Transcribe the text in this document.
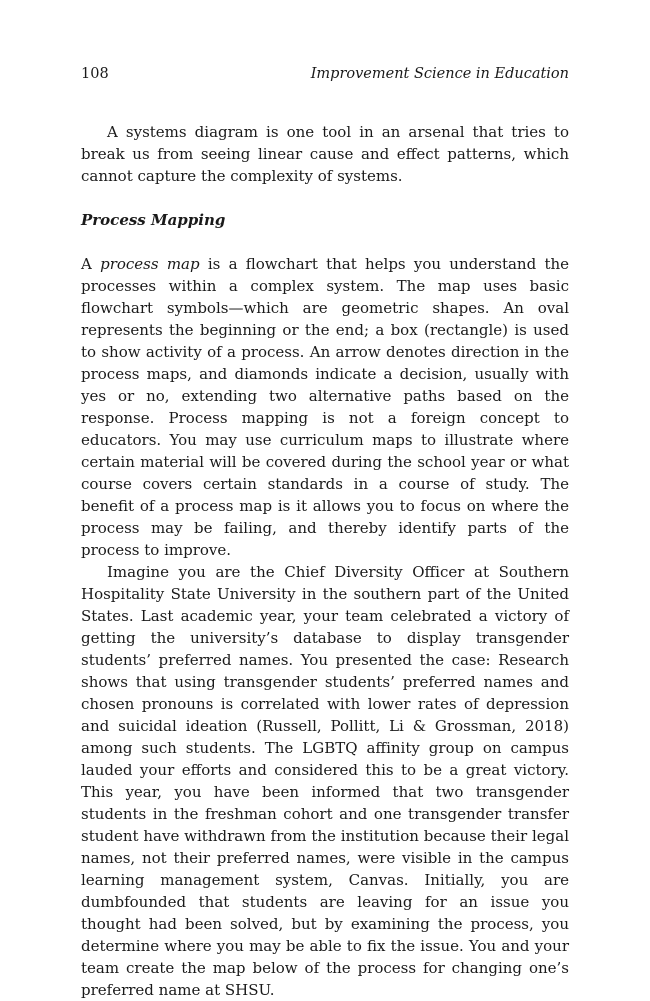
108	Improvement Science in Education

A systems diagram is one tool in an arsenal that tries to break us from seeing linear cause and effect patterns, which cannot capture the complexity of systems.

Process Mapping

A process map is a flowchart that helps you understand the processes within a complex system. The map uses basic flowchart symbols—which are geometric shapes. An oval represents the beginning or the end; a box (rectangle) is used to show activity of a process. An arrow denotes direction in the process maps, and diamonds indicate a decision, usually with yes or no, extending two alternative paths based on the response. Process mapping is not a foreign concept to educators. You may use curriculum maps to illustrate where certain material will be covered during the school year or what course covers certain standards in a course of study. The benefit of a process map is it allows you to focus on where the process may be failing, and thereby identify parts of the process to improve.

Imagine you are the Chief Diversity Officer at Southern Hospitality State University in the southern part of the United States. Last academic year, your team celebrated a victory of getting the university’s database to display transgender students’ preferred names. You presented the case: Research shows that using transgender students’ preferred names and chosen pronouns is correlated with lower rates of depression and suicidal ideation (Russell, Pollitt, Li & Grossman, 2018) among such students. The LGBTQ affinity group on campus lauded your efforts and considered this to be a great victory. This year, you have been informed that two transgender students in the freshman cohort and one transgender transfer student have withdrawn from the institution because their legal names, not their preferred names, were visible in the campus learning management system, Canvas. Initially, you are dumbfounded that students are leaving for an issue you thought had been solved, but by examining the process, you determine where you may be able to fix the issue. You and your team create the map below of the process for changing one’s preferred name at SHSU.
